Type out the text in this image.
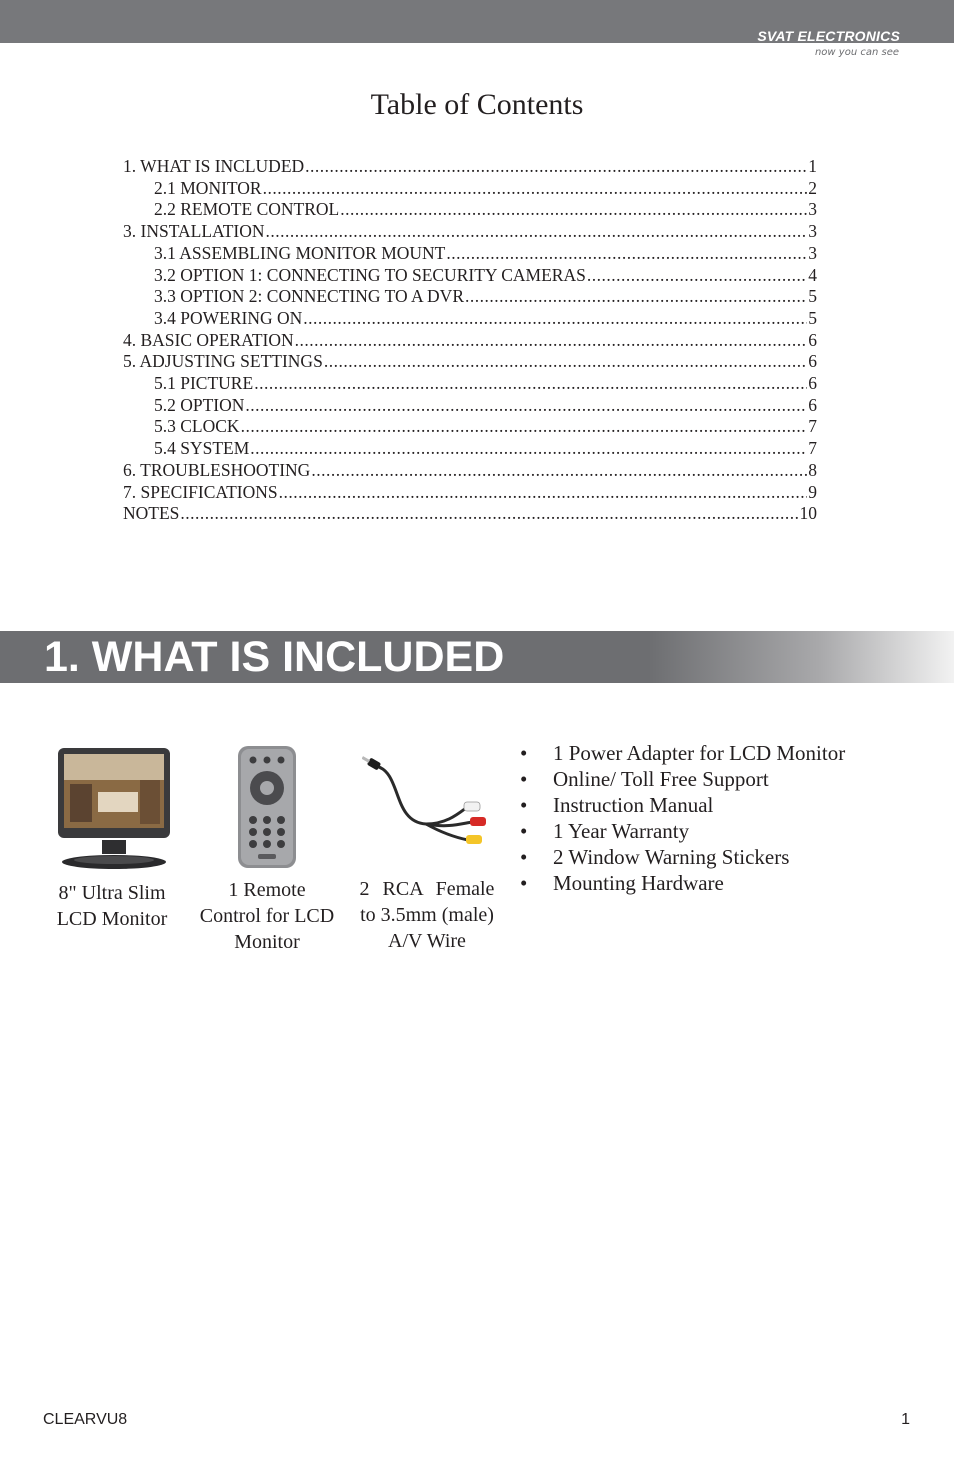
SVAT ELECTRONICS
now you can see
Table of Contents
1. WHAT IS INCLUDED .....	1
2.1 MONITOR .....	2
2.2 REMOTE CONTROL .....	3
3. INSTALLATION .....	3
3.1 ASSEMBLING MONITOR MOUNT .....	3
3.2 OPTION 1: CONNECTING TO SECURITY CAMERAS .....	4
3.3 OPTION 2: CONNECTING TO A DVR .....	5
3.4 POWERING ON .....	5
4. BASIC OPERATION .....	6
5. ADJUSTING SETTINGS .....	6
5.1 PICTURE .....	6
5.2 OPTION .....	6
5.3 CLOCK .....	7
5.4 SYSTEM .....	7
6. TROUBLESHOOTING .....	8
7. SPECIFICATIONS .....	9
NOTES .....	10
1. WHAT IS INCLUDED
8" Ultra Slim
LCD Monitor
1 Remote
Control for LCD
Monitor
2 RCA Female
to 3.5mm (male)
A/V Wire
• 1 Power Adapter for LCD Monitor
• Online/ Toll Free Support
• Instruction Manual
• 1 Year Warranty
• 2 Window Warning Stickers
• Mounting Hardware
CLEARVU8	1
